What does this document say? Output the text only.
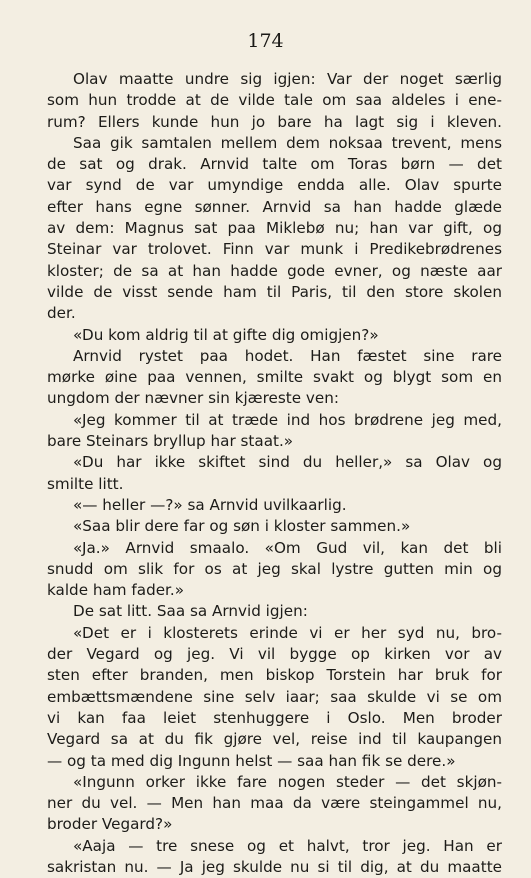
174
Olav maatte undre sig igjen: Var der noget særlig
som hun trodde at de vilde tale om saa aldeles i ene-
rum? Ellers kunde hun jo bare ha lagt sig i kleven.
Saa gik samtalen mellem dem noksaa trevent, mens
de sat og drak. Arnvid talte om Toras børn — det
var synd de var umyndige endda alle. Olav spurte
efter hans egne sønner. Arnvid sa han hadde glæde
av dem: Magnus sat paa Miklebø nu; han var gift, og
Steinar var trolovet. Finn var munk i Predikebrødrenes
kloster; de sa at han hadde gode evner, og næste aar
vilde de visst sende ham til Paris, til den store skolen
der.
«Du kom aldrig til at gifte dig omigjen?»
Arnvid rystet paa hodet. Han fæstet sine rare
mørke øine paa vennen, smilte svakt og blygt som en
ungdom der nævner sin kjæreste ven:
«Jeg kommer til at træde ind hos brødrene jeg med,
bare Steinars bryllup har staat.»
«Du har ikke skiftet sind du heller,» sa Olav og
smilte litt.
«— heller —?» sa Arnvid uvilkaarlig.
«Saa blir dere far og søn i kloster sammen.»
«Ja.» Arnvid smaalo. «Om Gud vil, kan det bli
snudd om slik for os at jeg skal lystre gutten min og
kalde ham fader.»
De sat litt. Saa sa Arnvid igjen:
«Det er i klosterets erinde vi er her syd nu, bro-
der Vegard og jeg. Vi vil bygge op kirken vor av
sten efter branden, men biskop Torstein har bruk for
embættsmændene sine selv iaar; saa skulde vi se om
vi kan faa leiet stenhuggere i Oslo. Men broder
Vegard sa at du fik gjøre vel, reise ind til kaupangen
— og ta med dig Ingunn helst — saa han fik se dere.»
«Ingunn orker ikke fare nogen steder — det skjøn-
ner du vel. — Men han maa da være steingammel nu,
broder Vegard?»
«Aaja — tre snese og et halvt, tror jeg. Han er
sakristan nu. — Ja jeg skulde nu si til dig, at du maatte
